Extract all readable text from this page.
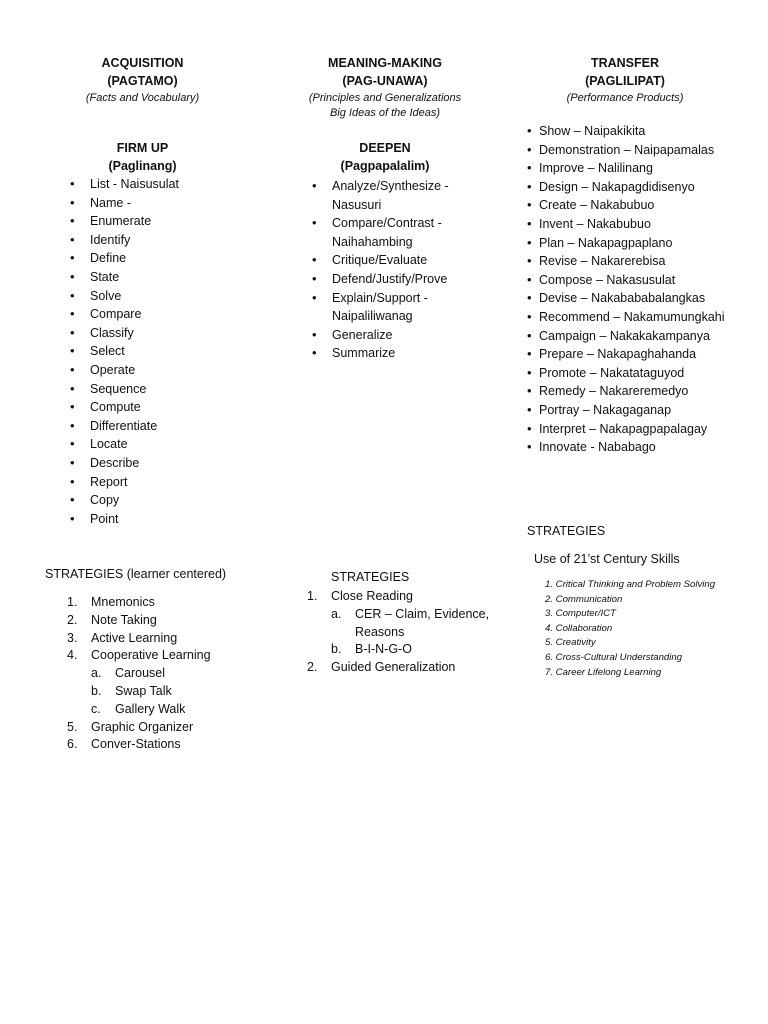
ACQUISITION
(PAGTAMO)
(Facts and Vocabulary)
FIRM UP
(Paglinang)
• List - Naisusulat
• Name -
• Enumerate
• Identify
• Define
• State
• Solve
• Compare
• Classify
• Select
• Operate
• Sequence
• Compute
• Differentiate
• Locate
• Describe
• Report
• Copy
• Point
STRATEGIES (learner centered)
1. Mnemonics
2. Note Taking
3. Active Learning
4. Cooperative Learning
a. Carousel
b. Swap Talk
c. Gallery Walk
5. Graphic Organizer
6. Conver-Stations
MEANING-MAKING
(PAG-UNAWA)
(Principles and Generalizations
Big Ideas of the Ideas)
DEEPEN
(Pagpapalalim)
• Analyze/Synthesize -
Nasusuri
• Compare/Contrast -
Naihahambing
• Critique/Evaluate
• Defend/Justify/Prove
• Explain/Support -
Naipaliliwanag
• Generalize
• Summarize
STRATEGIES
1. Close Reading
a. CER – Claim, Evidence,
Reasons
b. B-I-N-G-O
2. Guided Generalization
TRANSFER
(PAGLILIPAT)
(Performance Products)
• Show – Naipakikita
• Demonstration – Naipapamalas
• Improve – Nalilinang
• Design – Nakapagdidisenyo
• Create – Nakabubuo
• Invent – Nakabubuo
• Plan – Nakapagpaplano
• Revise – Nakarerebisa
• Compose – Nakasusulat
• Devise – Nakabababalangkas
• Recommend – Nakamumungkahi
• Campaign – Nakakakampanya
• Prepare – Nakapaghahanda
• Promote – Nakatataguyod
• Remedy – Nakareremedyo
• Portray – Nakagaganap
• Interpret – Nakapagpapalagay
• Innovate - Nababago
STRATEGIES
Use of 21’st Century Skills
1. Critical Thinking and Problem Solving
2. Communication
3. Computer/ICT
4. Collaboration
5. Creativity
6. Cross-Cultural Understanding
7. Career Lifelong Learning
